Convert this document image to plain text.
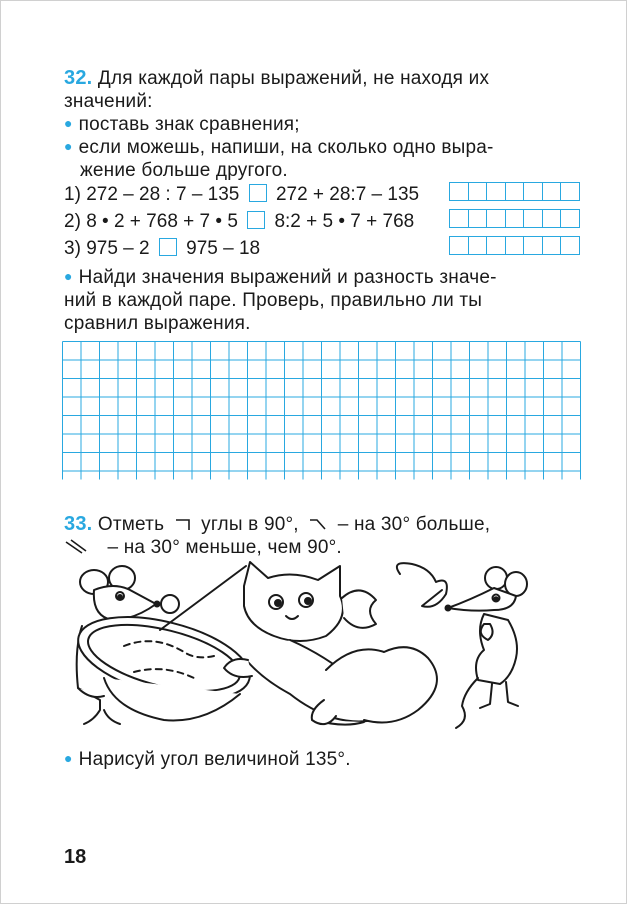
32. Для каждой пары выражений, не находя их
значений:
● поставь знак сравнения;
● если можешь, напиши, на сколько одно выра-
жение больше другого.
1) 272 – 28 : 7 – 135 272 + 28:7 – 135
2) 8 • 2 + 768 + 7 • 5 8:2 + 5 • 7 + 768
3) 975 – 2 975 – 18
● Найди значения выражений и разность значе-
ний в каждой паре. Проверь, правильно ли ты
сравнил выражения.
33. Отметь углы в 90°, – на 30° больше,
– на 30° меньше, чем 90°.
● Нарисуй угол величиной 135°.
18
